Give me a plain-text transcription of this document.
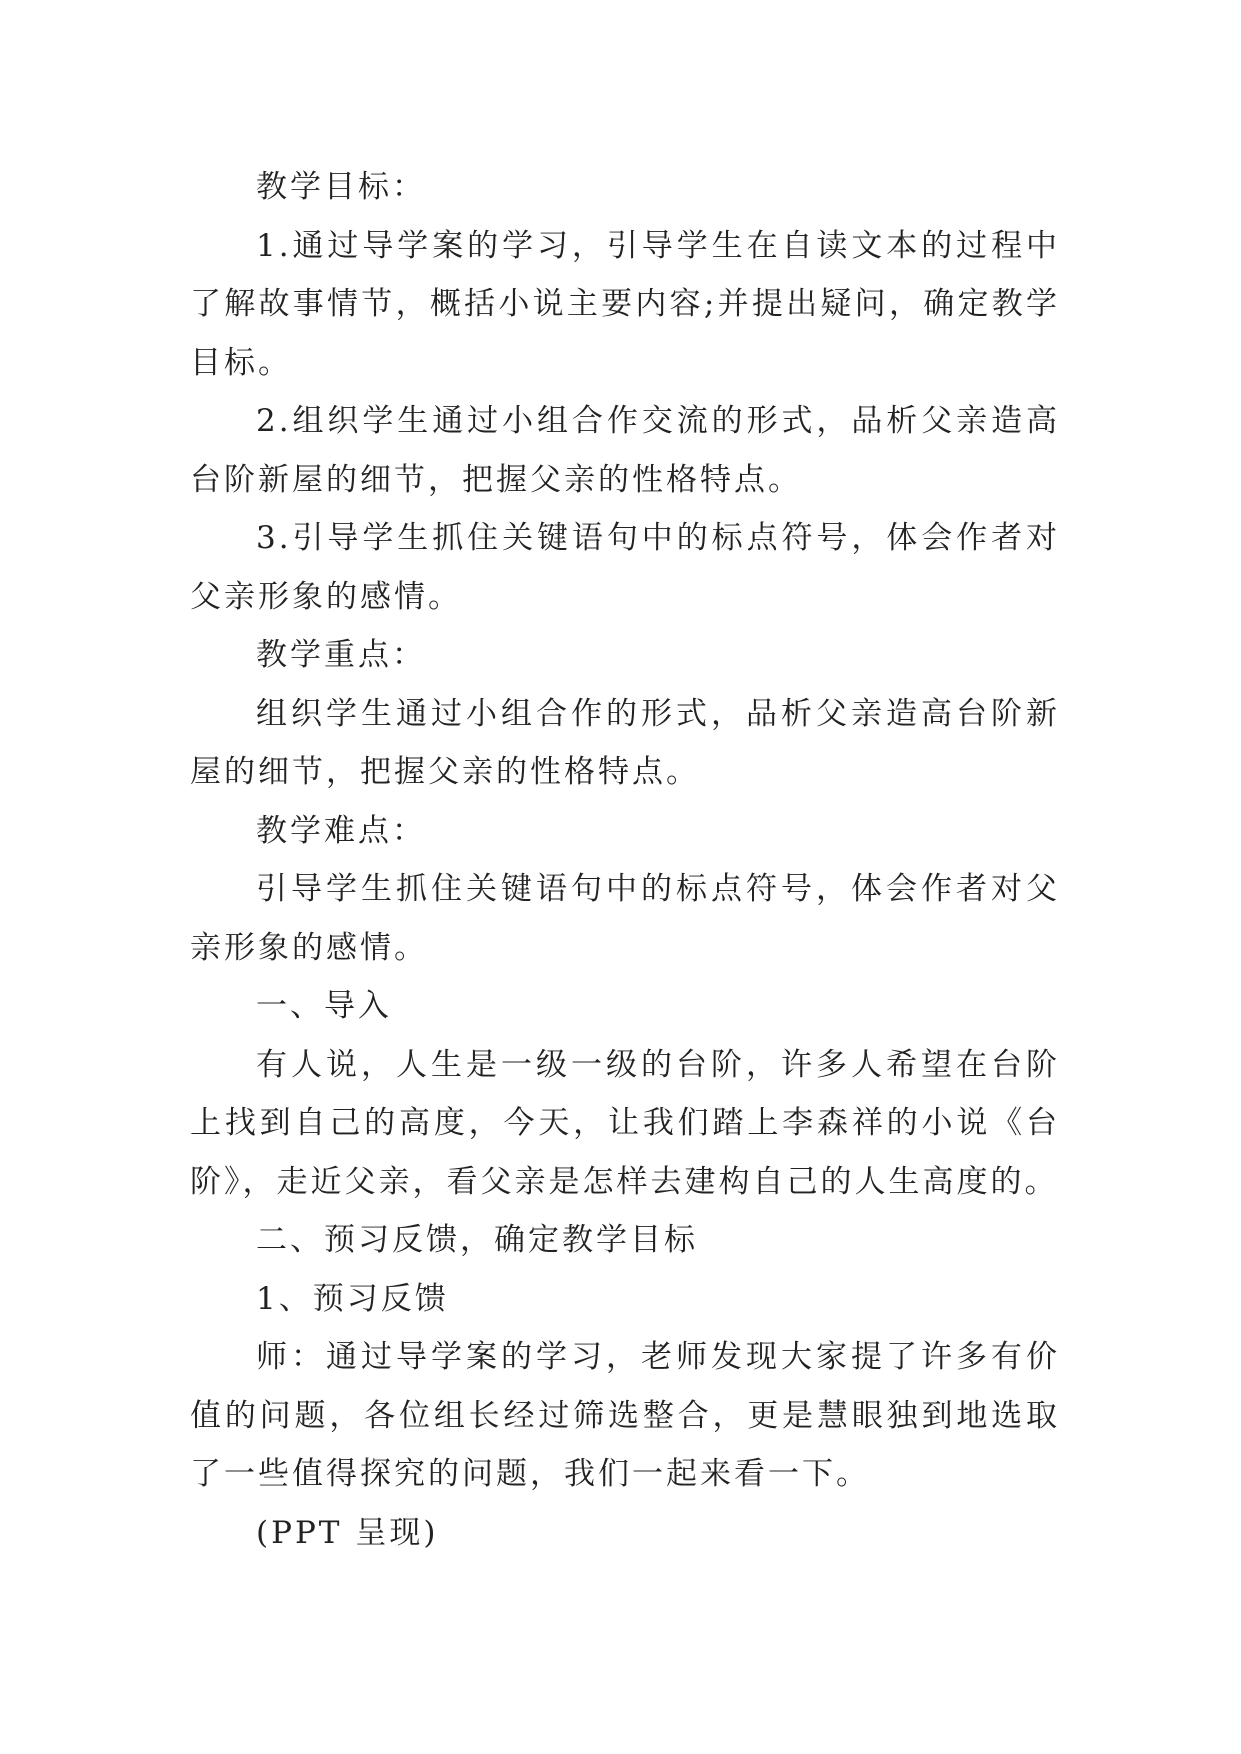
教学目标：

1.通过导学案的学习，引导学生在自读文本的过程中了解故事情节，概括小说主要内容;并提出疑问，确定教学目标。

2.组织学生通过小组合作交流的形式，品析父亲造高台阶新屋的细节，把握父亲的性格特点。

3.引导学生抓住关键语句中的标点符号，体会作者对父亲形象的感情。

教学重点：

组织学生通过小组合作的形式，品析父亲造高台阶新屋的细节，把握父亲的性格特点。

教学难点：

引导学生抓住关键语句中的标点符号，体会作者对父亲形象的感情。

一、导入

有人说，人生是一级一级的台阶，许多人希望在台阶上找到自己的高度，今天，让我们踏上李森祥的小说《台阶》，走近父亲，看父亲是怎样去建构自己的人生高度的。

二、预习反馈，确定教学目标

1、预习反馈

师：通过导学案的学习，老师发现大家提了许多有价值的问题，各位组长经过筛选整合，更是慧眼独到地选取了一些值得探究的问题，我们一起来看一下。

(PPT 呈现)
